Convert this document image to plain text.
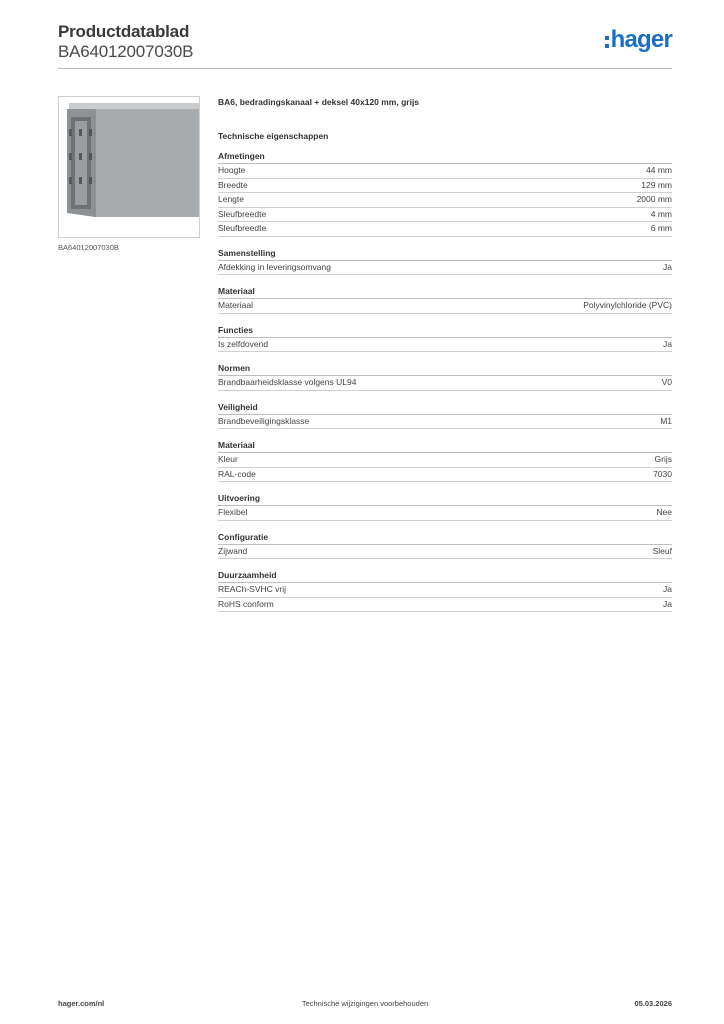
Productdatablad
BA64012007030B	hager
BA64012007030B
BA6, bedradingskanaal + deksel 40x120 mm, grijs
Technische eigenschappen
Afmetingen
Hoogte	44 mm
Breedte	129 mm
Lengte	2000 mm
Sleufbreedte	4 mm
Sleufbreedte	6 mm
Samenstelling
Afdekking in leveringsomvang	Ja
Materiaal
Materiaal	Polyvinylchloride (PVC)
Functies
Is zelfdovend	Ja
Normen
Brandbaarheidsklasse volgens UL94	V0
Veiligheid
Brandbeveiligingsklasse	M1
Materiaal
Kleur	Grijs
RAL-code	7030
Uitvoering
Flexibel	Nee
Configuratie
Zijwand	Sleuf
Duurzaamheid
REACh-SVHC vrij	Ja
RoHS conform	Ja
hager.com/nl	Technische wijzigingen voorbehouden	05.03.2026
